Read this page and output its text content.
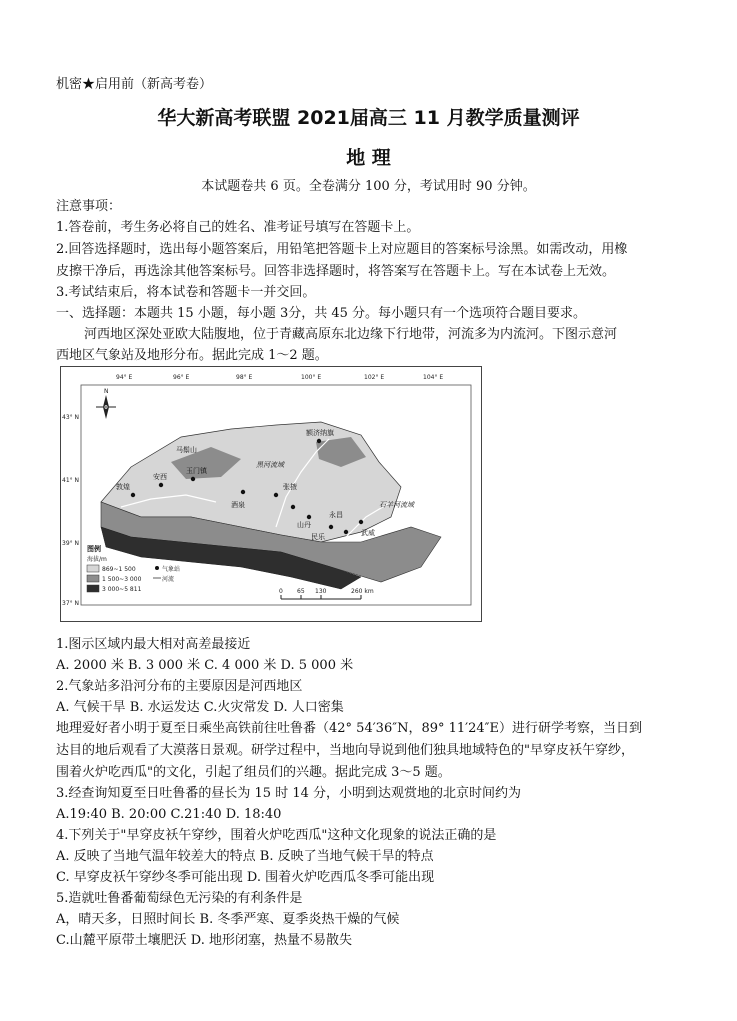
机密★启用前（新高考卷）
华大新高考联盟 2021届高三 11 月教学质量测评
地 理
本试题卷共 6 页。全卷满分 100 分，考试用时 90 分钟。
注意事项：
1.答卷前，考生务必将自己的姓名、准考证号填写在答题卡上。
2.回答选择题时，选出每小题答案后，用铅笔把答题卡上对应题目的答案标号涂黑。如需改动，用橡
皮擦干净后，再选涂其他答案标号。回答非选择题时，将答案写在答题卡上。写在本试卷上无效。
3.考试结束后，将本试卷和答题卡一并交回。
一、选择题：本题共 15 小题，每小题 3分，共 45 分。每小题只有一个选项符合题目要求。
河西地区深处亚欧大陆腹地，位于青藏高原东北边缘下行地带，河流多为内流河。下图示意河
西地区气象站及地形分布。据此完成 1～2 题。
94° E	96° E	98° E	100° E	102° E	104° E
43° N
41° N
39° N
37° N
N
马鬃山
黑河流域
额济纳旗
敦煌
安西
玉门镇
酒泉
张掖
山丹
民乐
永昌
武威
石羊河流域
图例
海拔/m
869~1 500
1 500~3 000
3 000~5 811
气象站
河流
0 65 130	260 km
1.图示区域内最大相对高差最接近
A. 2000 米 B. 3 000 米 C. 4 000 米 D. 5 000 米
2.气象站多沿河分布的主要原因是河西地区
A. 气候干旱 B. 水运发达 C.火灾常发 D. 人口密集
地理爱好者小明于夏至日乘坐高铁前往吐鲁番（42° 54′36″N，89° 11′24″E）进行研学考察，当日到
达目的地后观看了大漠落日景观。研学过程中，当地向导说到他们独具地域特色的"早穿皮袄午穿纱，
围着火炉吃西瓜"的文化，引起了组员们的兴趣。据此完成 3～5 题。
3.经查询知夏至日吐鲁番的昼长为 15 时 14 分，小明到达观赏地的北京时间约为
A.19:40 B. 20:00 C.21:40 D. 18:40
4.下列关于"早穿皮袄午穿纱，围着火炉吃西瓜"这种文化现象的说法正确的是
A. 反映了当地气温年较差大的特点 B. 反映了当地气候干旱的特点
C. 早穿皮袄午穿纱冬季可能出现 D. 围着火炉吃西瓜冬季可能出现
5.造就吐鲁番葡萄绿色无污染的有利条件是
A，晴天多，日照时间长 B. 冬季严寒、夏季炎热干燥的气候
C.山麓平原带土壤肥沃 D. 地形闭塞，热量不易散失
